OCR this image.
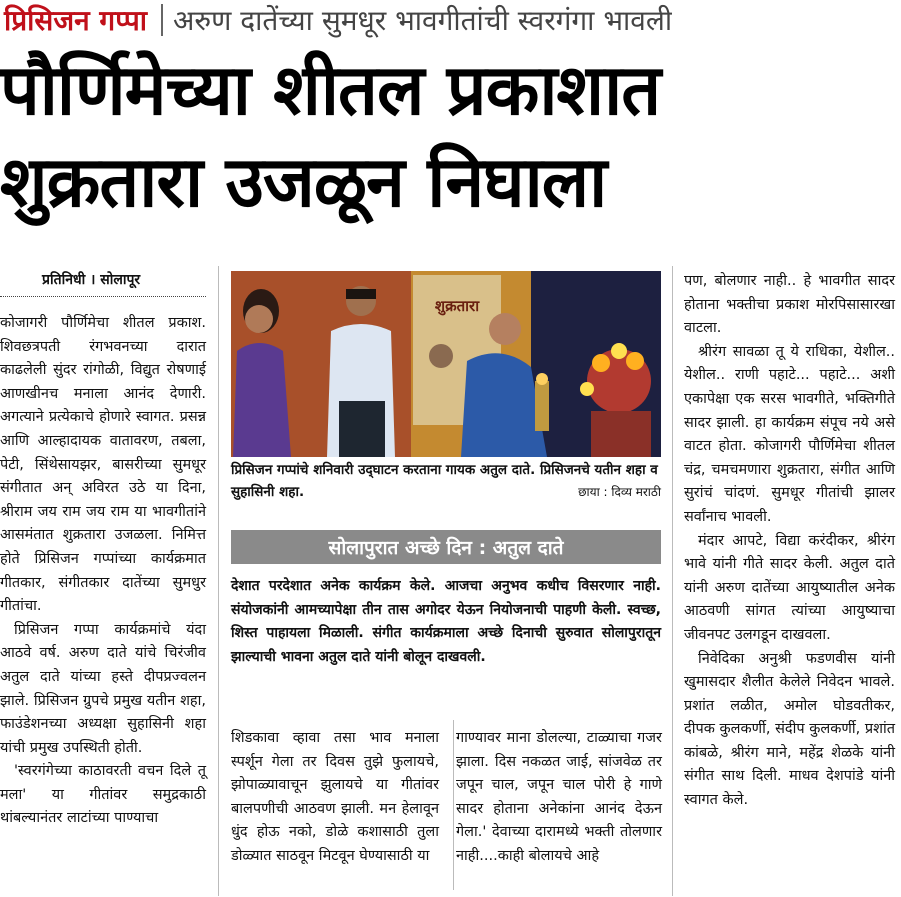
प्रिसिजन गप्पा अरुण दातेंच्या सुमधूर भावगीतांची स्वरगंगा भावली
पौर्णिमेच्या शीतल प्रकाशात
शुक्रतारा उजळून निघाला
प्रतिनिधी । सोलापूर

कोजागरी पौर्णिमेचा शीतल प्रकाश. शिवछत्रपती रंगभवनच्या दारात काढलेली सुंदर रांगोळी, विद्युत रोषणाई आणखीनच मनाला आनंद देणारी. अगत्याने प्रत्येकाचे होणारे स्वागत. प्रसन्न आणि आल्हादायक वातावरण, तबला, पेटी, सिंथेसायझर, बासरीच्या सुमधूर संगीतात अन् अविरत उठे या दिना, श्रीराम जय राम जय राम या भावगीतांने आसमंतात शुक्रतारा उजळला. निमित्त होते प्रिसिजन गप्पांच्या कार्यक्रमात गीतकार, संगीतकार दातेंच्या सुमधुर गीतांचा.

प्रिसिजन गप्पा कार्यक्रमांचे यंदा आठवे वर्ष. अरुण दाते यांचे चिरंजीव अतुल दाते यांच्या हस्ते दीपप्रज्वलन झाले. प्रिसिजन ग्रुपचे प्रमुख यतीन शहा, फाउंडेशनच्या अध्यक्षा सुहासिनी शहा यांची प्रमुख उपस्थिती होती.

'स्वरगंगेच्या काठावरती वचन दिले तू मला' या गीतांवर समुद्रकाठी थांबल्यानंतर लाटांच्या पाण्याचा

शुक्रतारा
प्रिसिजन गप्पांचे शनिवारी उद्‌घाटन करताना गायक अतुल दाते. प्रिसिजनचे यतीन शहा व सुहासिनी शहा.	छाया : दिव्य मराठी
सोलापुरात अच्छे दिन : अतुल दाते
देशात परदेशात अनेक कार्यक्रम केले. आजचा अनुभव कधीच विसरणार नाही. संयोजकांनी आमच्यापेक्षा तीन तास अगोदर येऊन नियोजनाची पाहणी केली. स्वच्छ, शिस्त पाहायला मिळाली. संगीत कार्यक्रमाला अच्छे दिनाची सुरुवात सोलापुरातून झाल्याची भावना अतुल दाते यांनी बोलून दाखवली.

शिडकावा व्हावा तसा भाव मनाला स्पर्शून गेला तर दिवस तुझे फुलायचे, झोपाळ्यावाचून झुलायचे या गीतांवर बालपणीची आठवण झाली. मन हेलावून धुंद होऊ नको, डोळे कशासाठी तुला डोळ्यात साठवून मिटवून घेण्यासाठी या

गाण्यावर माना डोलल्या, टाळ्याचा गजर झाला. दिस नकळत जाई, सांजवेळ तर जपून चाल, जपून चाल पोरी हे गाणे सादर होताना अनेकांना आनंद देऊन गेला.' देवाच्या दारामध्ये भक्ती तोलणार नाही....काही बोलायचे आहे

पण, बोलणार नाही.. हे भावगीत सादर होताना भक्तीचा प्रकाश मोरपिसासारखा वाटला.

श्रीरंग सावळा तू ये राधिका, येशील.. येशील.. राणी पहाटे... पहाटे... अशी एकापेक्षा एक सरस भावगीते, भक्तिगीते सादर झाली. हा कार्यक्रम संपूच नये असे वाटत होता. कोजागरी पौर्णिमेचा शीतल चंद्र, चमचमणारा शुक्रतारा, संगीत आणि सुरांचं चांदणं. सुमधूर गीतांची झालर सर्वांनाच भावली.

मंदार आपटे, विद्या करंदीकर, श्रीरंग भावे यांनी गीते सादर केली. अतुल दाते यांनी अरुण दातेंच्या आयुष्यातील अनेक आठवणी सांगत त्यांच्या आयुष्याचा जीवनपट उलगडून दाखवला.

निवेदिका अनुश्री फडणवीस यांनी खुमासदार शैलीत केलेले निवेदन भावले. प्रशांत लळीत, अमोल घोडवतीकर, दीपक कुलकर्णी, संदीप कुलकर्णी, प्रशांत कांबळे, श्रीरंग माने, महेंद्र शेळके यांनी संगीत साथ दिली. माधव देशपांडे यांनी स्वागत केले.
